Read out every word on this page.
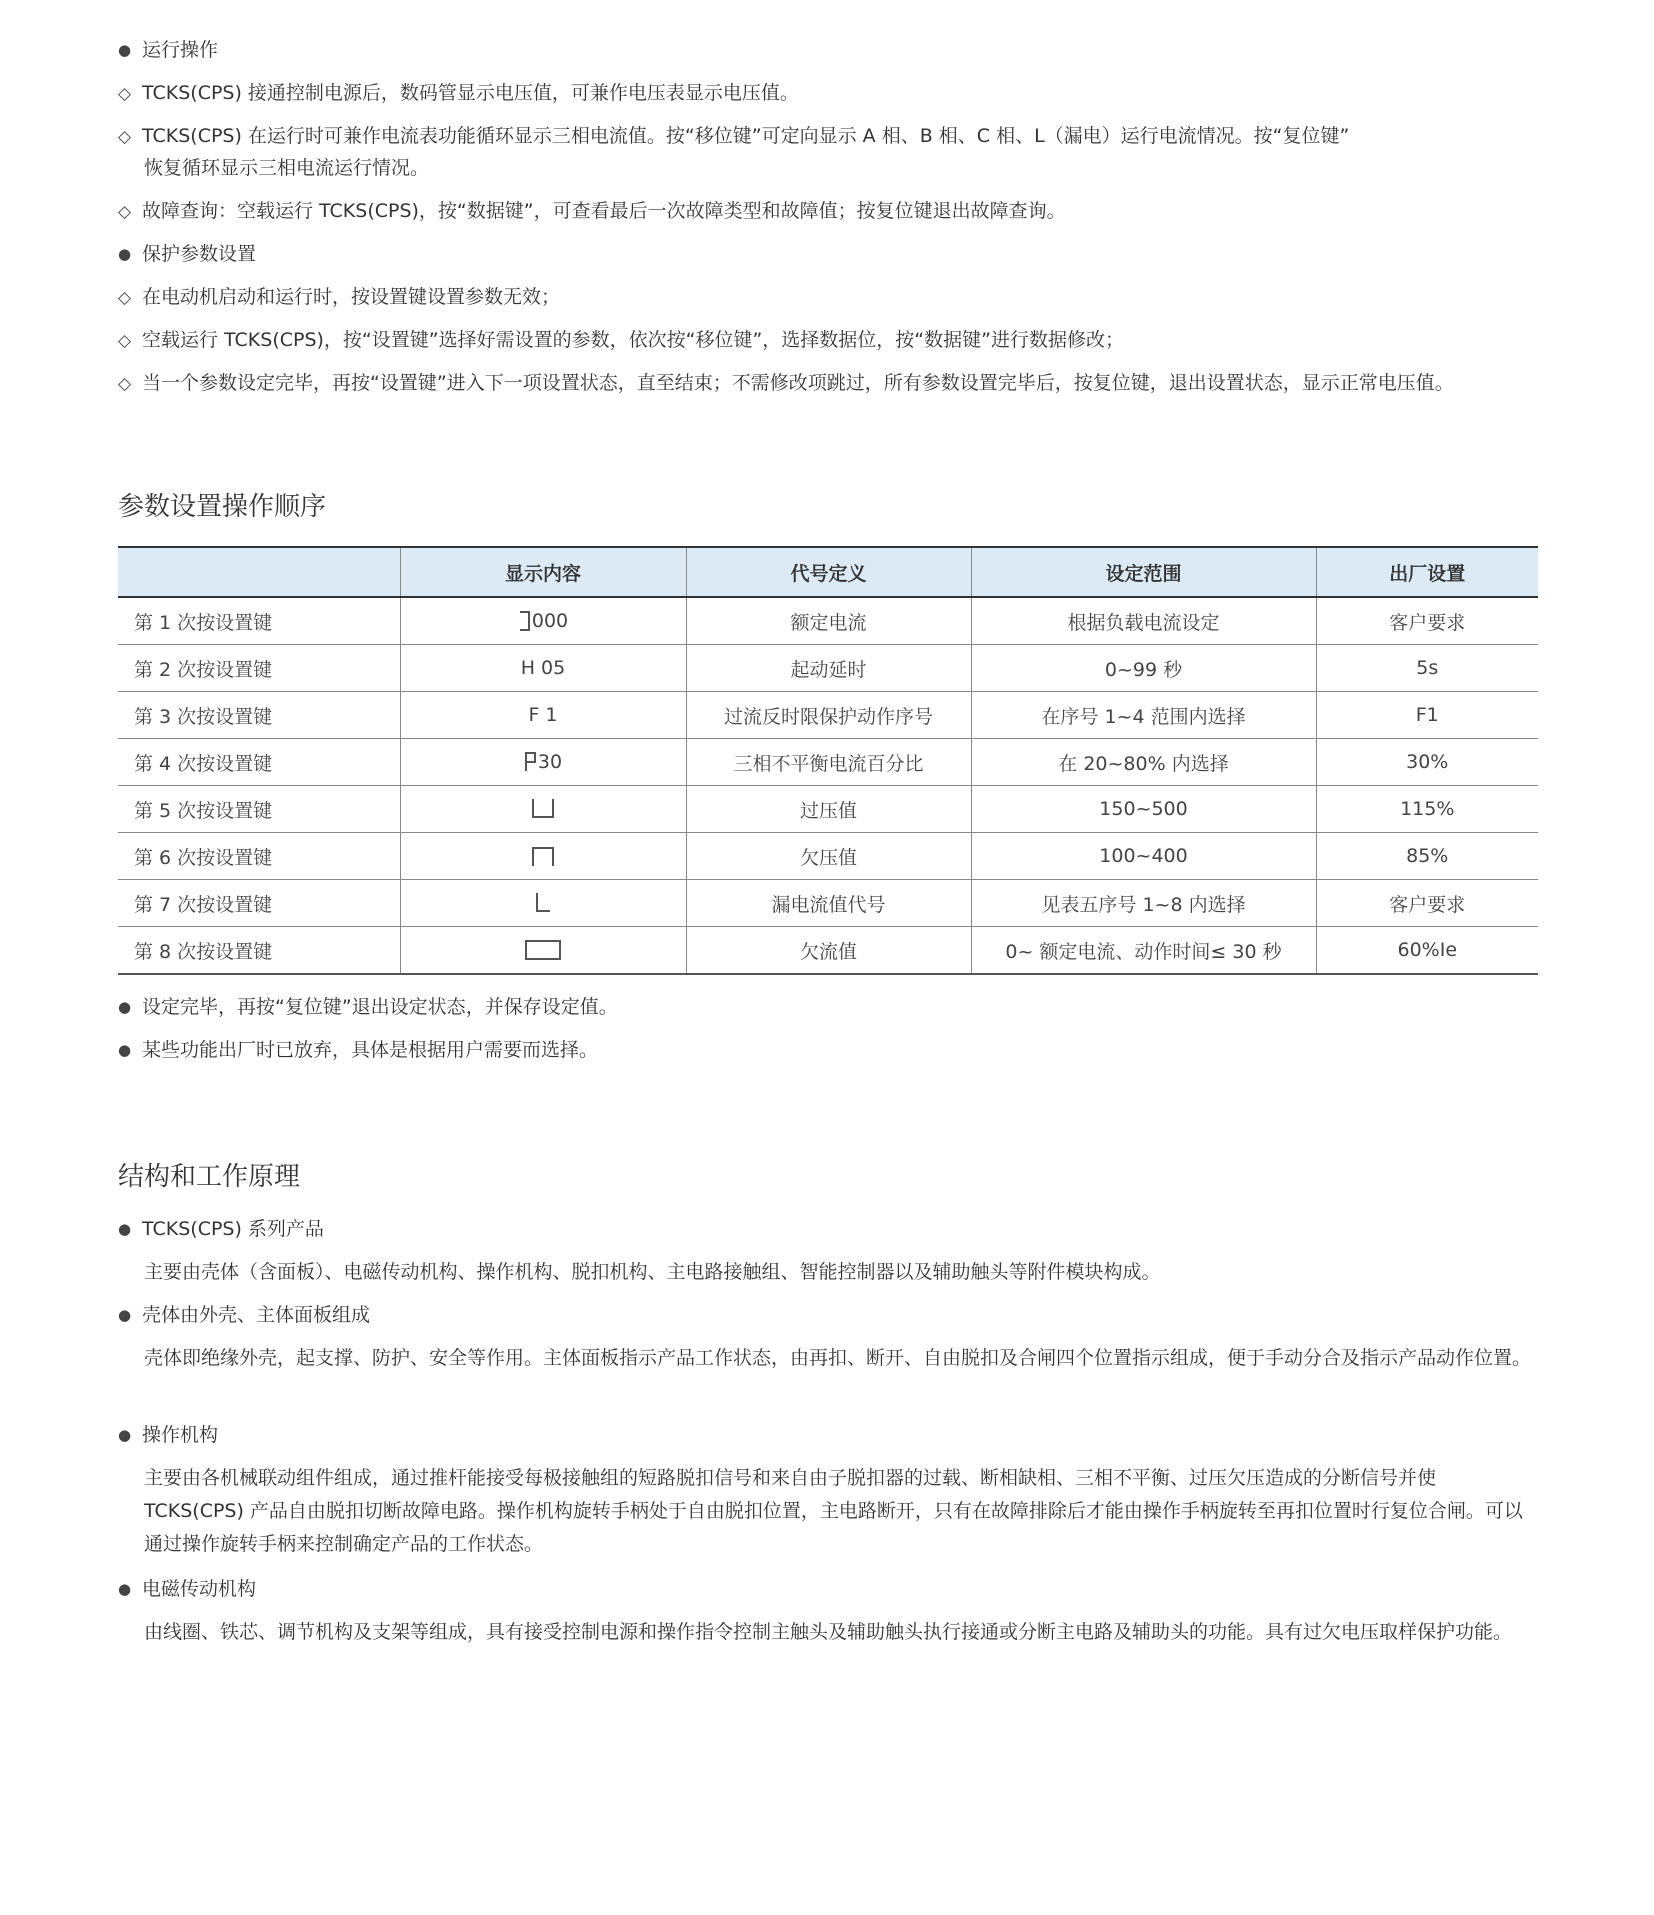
● 运行操作
◇ TCKS(CPS) 接通控制电源后，数码管显示电压值，可兼作电压表显示电压值。
◇ TCKS(CPS) 在运行时可兼作电流表功能循环显示三相电流值。按“移位键”可定向显示 A 相、B 相、C 相、L（漏电）运行电流情况。按“复位键”
恢复循环显示三相电流运行情况。
◇ 故障查询：空载运行 TCKS(CPS)，按“数据键”，可查看最后一次故障类型和故障值；按复位键退出故障查询。
● 保护参数设置
◇ 在电动机启动和运行时，按设置键设置参数无效；
◇ 空载运行 TCKS(CPS)，按“设置键”选择好需设置的参数，依次按“移位键”，选择数据位，按“数据键”进行数据修改；
◇ 当一个参数设定完毕，再按“设置键”进入下一项设置状态，直至结束；不需修改项跳过，所有参数设置完毕后，按复位键，退出设置状态，显示正常电压值。
参数设置操作顺序
	显示内容	代号定义	设定范围	出厂设置
第 1 次按设置键	000	额定电流	根据负载电流设定	客户要求
第 2 次按设置键	H 05	起动延时	0~99 秒	5s
第 3 次按设置键	F 1	过流反时限保护动作序号	在序号 1~4 范围内选择	F1
第 4 次按设置键	30	三相不平衡电流百分比	在 20~80% 内选择	30%
第 5 次按设置键		过压值	150~500	115%
第 6 次按设置键		欠压值	100~400	85%
第 7 次按设置键		漏电流值代号	见表五序号 1~8 内选择	客户要求
第 8 次按设置键		欠流值	0~ 额定电流、动作时间≤ 30 秒	60%Ie
● 设定完毕，再按“复位键”退出设定状态，并保存设定值。
● 某些功能出厂时已放弃，具体是根据用户需要而选择。
结构和工作原理
● TCKS(CPS) 系列产品
主要由壳体（含面板）、电磁传动机构、操作机构、脱扣机构、主电路接触组、智能控制器以及辅助触头等附件模块构成。
● 壳体由外壳、主体面板组成
壳体即绝缘外壳，起支撑、防护、安全等作用。主体面板指示产品工作状态，由再扣、断开、自由脱扣及合闸四个位置指示组成，便于手动分合及指示产品动作位置。
● 操作机构
主要由各机械联动组件组成，通过推杆能接受每极接触组的短路脱扣信号和来自由子脱扣器的过载、断相缺相、三相不平衡、过压欠压造成的分断信号并使 TCKS(CPS) 产品自由脱扣切断故障电路。操作机构旋转手柄处于自由脱扣位置，主电路断开，只有在故障排除后才能由操作手柄旋转至再扣位置时行复位合闸。可以通过操作旋转手柄来控制确定产品的工作状态。
● 电磁传动机构
由线圈、铁芯、调节机构及支架等组成，具有接受控制电源和操作指令控制主触头及辅助触头执行接通或分断主电路及辅助头的功能。具有过欠电压取样保护功能。
